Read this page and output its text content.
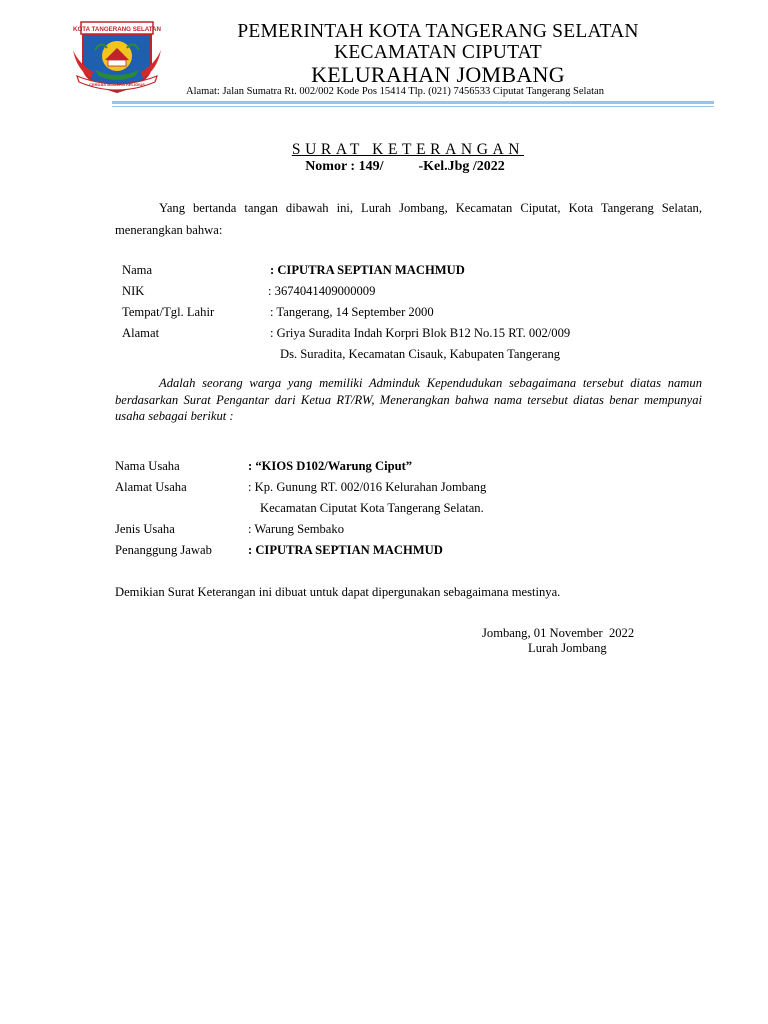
KOTA TANGERANG SELATAN
CERDAS MODERN RELIGIUS
PEMERINTAH KOTA TANGERANG SELATAN
KECAMATAN CIPUTAT
KELURAHAN JOMBANG
Alamat: Jalan Sumatra Rt. 002/002 Kode Pos 15414 Tlp. (021) 7456533 Ciputat Tangerang Selatan
SURAT KETERANGAN
Nomor : 149/          -Kel.Jbg /2022
Yang bertanda tangan dibawah ini, Lurah Jombang, Kecamatan Ciputat, Kota Tangerang Selatan, menerangkan bahwa:
Nama	: CIPUTRA SEPTIAN MACHMUD
NIK	: 3674041409000009
Tempat/Tgl. Lahir	: Tangerang, 14 September 2000
Alamat	: Griya Suradita Indah Korpri Blok B12 No.15 RT. 002/009
Ds. Suradita, Kecamatan Cisauk, Kabupaten Tangerang
Adalah seorang warga yang memiliki Adminduk Kependudukan sebagaimana tersebut diatas namun berdasarkan Surat Pengantar dari Ketua RT/RW, Menerangkan bahwa nama tersebut diatas benar mempunyai usaha sebagai berikut :
Nama Usaha	: “KIOS D102/Warung Ciput”
Alamat Usaha	: Kp. Gunung RT. 002/016 Kelurahan Jombang
Kecamatan Ciputat Kota Tangerang Selatan.
Jenis Usaha	: Warung Sembako
Penanggung Jawab	: CIPUTRA SEPTIAN MACHMUD
Demikian Surat Keterangan ini dibuat untuk dapat dipergunakan sebagaimana mestinya.
Jombang, 01 November  2022
Lurah Jombang
